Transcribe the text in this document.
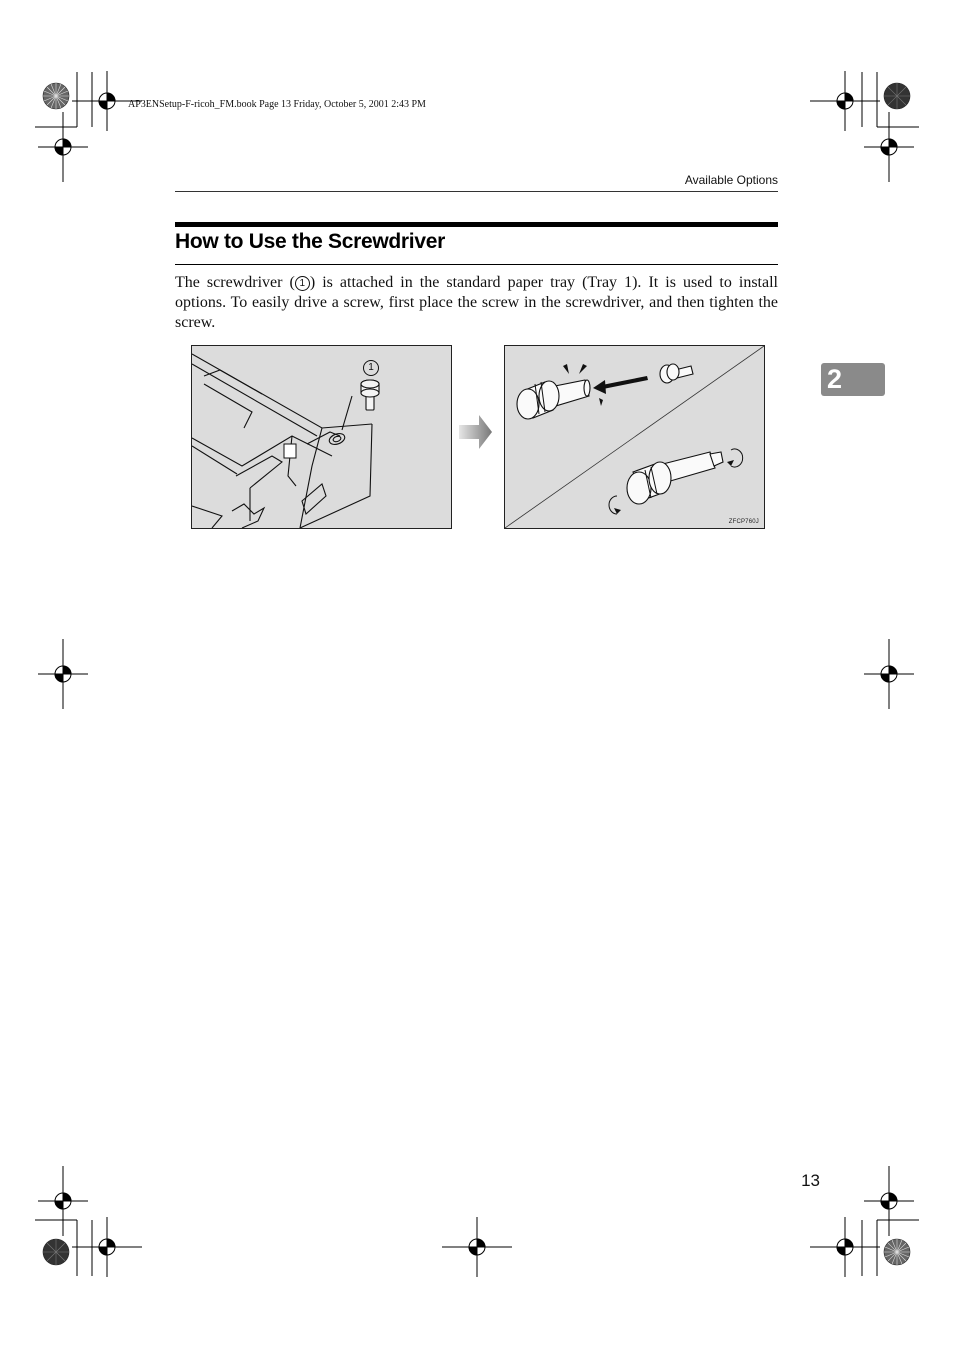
AP3ENSetup-F-ricoh_FM.book Page 13 Friday, October 5, 2001 2:43 PM
Available Options
How to Use the Screwdriver

The screwdriver ( 1 ) is attached in the standard paper tray (Tray 1). It is used to install options. To easily drive a screw, first place the screw in the screwdriver, and then tighten the screw.

2
1
ZFCP760J
13
